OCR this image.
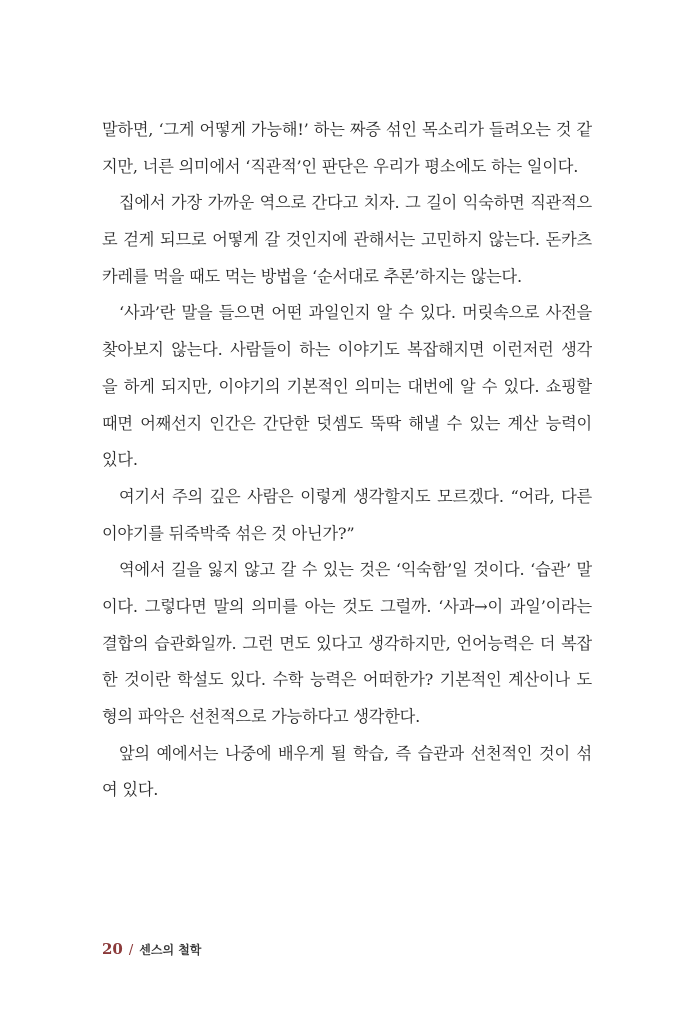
말하면, ‘그게 어떻게 가능해!’ 하는 짜증 섞인 목소리가 들려오는 것 같
지만, 너른 의미에서 ‘직관적’인 판단은 우리가 평소에도 하는 일이다.
집에서 가장 가까운 역으로 간다고 치자. 그 길이 익숙하면 직관적으
로 걷게 되므로 어떻게 갈 것인지에 관해서는 고민하지 않는다. 돈카츠
카레를 먹을 때도 먹는 방법을 ‘순서대로 추론’하지는 않는다.
‘사과’란 말을 들으면 어떤 과일인지 알 수 있다. 머릿속으로 사전을
찾아보지 않는다. 사람들이 하는 이야기도 복잡해지면 이런저런 생각
을 하게 되지만, 이야기의 기본적인 의미는 대번에 알 수 있다. 쇼핑할
때면 어째선지 인간은 간단한 덧셈도 뚝딱 해낼 수 있는 계산 능력이
있다.
여기서 주의 깊은 사람은 이렇게 생각할지도 모르겠다. “어라, 다른
이야기를 뒤죽박죽 섞은 것 아닌가?”
역에서 길을 잃지 않고 갈 수 있는 것은 ‘익숙함’일 것이다. ‘습관’ 말
이다. 그렇다면 말의 의미를 아는 것도 그럴까. ‘사과→이 과일’이라는
결합의 습관화일까. 그런 면도 있다고 생각하지만, 언어능력은 더 복잡
한 것이란 학설도 있다. 수학 능력은 어떠한가? 기본적인 계산이나 도
형의 파악은 선천적으로 가능하다고 생각한다.
앞의 예에서는 나중에 배우게 될 학습, 즉 습관과 선천적인 것이 섞
여 있다.
20 / 센스의 철학
